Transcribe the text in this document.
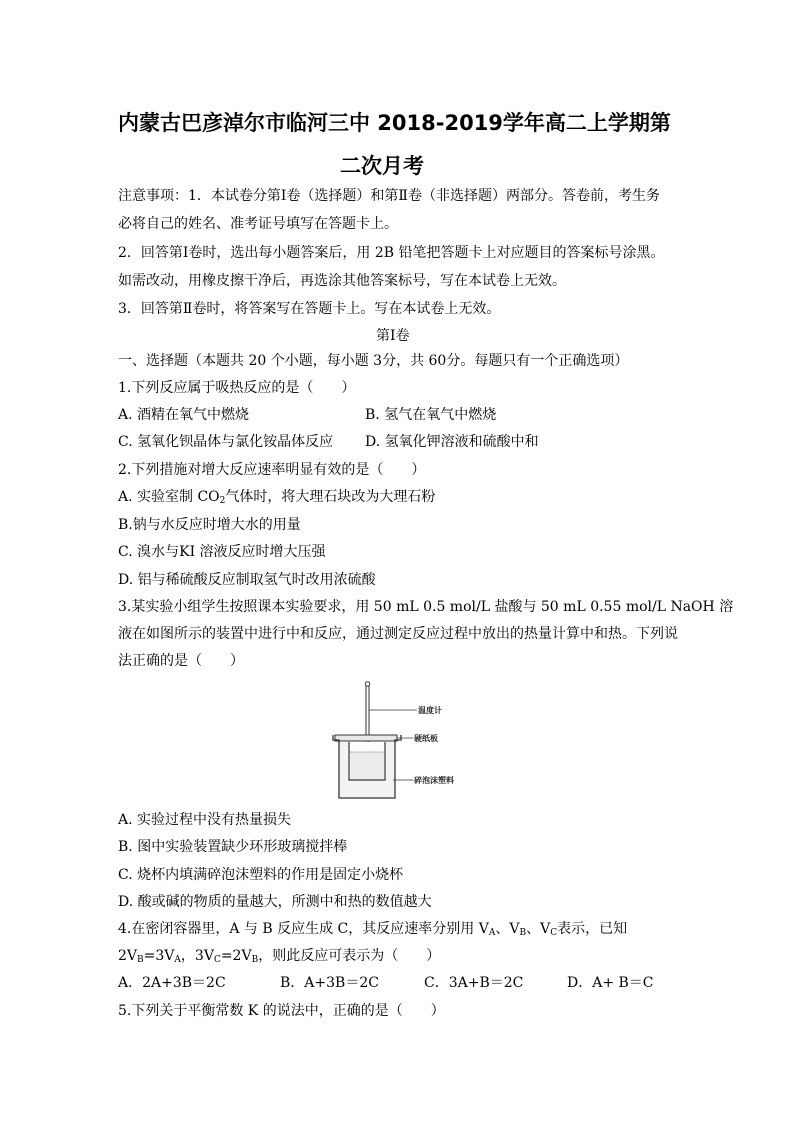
内蒙古巴彦淖尔市临河三中 2018-2019学年高二上学期第
二次月考
注意事项：1．本试卷分第Ⅰ卷（选择题）和第Ⅱ卷（非选择题）两部分。答卷前，考生务
必将自己的姓名、准考证号填写在答题卡上。
2．回答第Ⅰ卷时，选出每小题答案后，用 2B 铅笔把答题卡上对应题目的答案标号涂黑。
如需改动，用橡皮擦干净后，再选涂其他答案标号，写在本试卷上无效。
3．回答第Ⅱ卷时，将答案写在答题卡上。写在本试卷上无效。
第Ⅰ卷
一、选择题（本题共 20 个小题，每小题 3分，共 60分。每题只有一个正确选项）
1.下列反应属于吸热反应的是（　　）
A. 酒精在氧气中燃烧	B. 氢气在氧气中燃烧
C. 氢氧化钡晶体与氯化铵晶体反应 D. 氢氧化钾溶液和硫酸中和
2.下列措施对增大反应速率明显有效的是（　　）
A. 实验室制 $CO_2$气体时，将大理石块改为大理石粉
B.钠与水反应时增大水的用量
C. 溴水与KI 溶液反应时增大压强
D. 铝与稀硫酸反应制取氢气时改用浓硫酸
3.某实验小组学生按照课本实验要求，用 50 mL 0.5 mol/L 盐酸与 50 mL 0.55 mol/L NaOH 溶
液在如图所示的装置中进行中和反应，通过测定反应过程中放出的热量计算中和热。下列说
法正确的是（　　）
温度计
硬纸板
碎泡沫塑料
A. 实验过程中没有热量损失
B. 图中实验装置缺少环形玻璃搅拌棒
C. 烧杯内填满碎泡沫塑料的作用是固定小烧杯
D. 酸或碱的物质的量越大，所测中和热的数值越大
4.在密闭容器里，A 与 B 反应生成 C，其反应速率分别用 $V_A$、$V_B$、$V_C$表示，已知
$2V_B=3V_A$，$3V_C=2V_B$，则此反应可表示为（　　）
A．2A+3B＝2C	B．A+3B＝2C	C．3A+B＝2C	D．A+ B＝C
5.下列关于平衡常数 K 的说法中，正确的是（　　）
